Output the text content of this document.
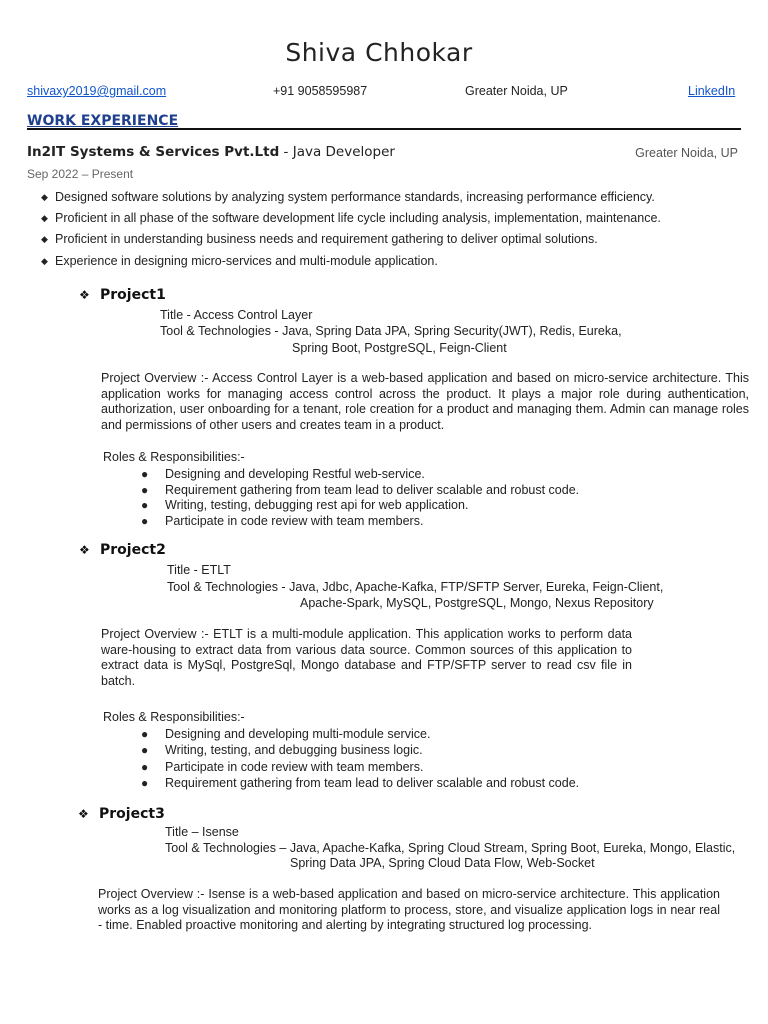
Shiva Chhokar
shivaxy2019@gmail.com	+91 9058595987	Greater Noida, UP	LinkedIn
WORK EXPERIENCE
In2IT Systems & Services Pvt.Ltd - Java Developer	Greater Noida, UP
Sep 2022 – Present
◆ Designed software solutions by analyzing system performance standards, increasing performance efficiency.
◆ Proficient in all phase of the software development life cycle including analysis, implementation, maintenance.
◆ Proficient in understanding business needs and requirement gathering to deliver optimal solutions.
◆ Experience in designing micro-services and multi-module application.
❖ Project1
Title - Access Control Layer
Tool & Technologies - Java, Spring Data JPA, Spring Security(JWT), Redis, Eureka,
Spring Boot, PostgreSQL, Feign-Client
Project Overview :- Access Control Layer is a web-based application and based on micro-service architecture. This application works for managing access control across the product. It plays a major role during authentication, authorization, user onboarding for a tenant, role creation for a product and managing them. Admin can manage roles and permissions of other users and creates team in a product.
Roles & Responsibilities:-
● Designing and developing Restful web-service.
● Requirement gathering from team lead to deliver scalable and robust code.
● Writing, testing, debugging rest api for web application.
● Participate in code review with team members.
❖ Project2
Title - ETLT
Tool & Technologies - Java, Jdbc, Apache-Kafka, FTP/SFTP Server, Eureka, Feign-Client,
Apache-Spark, MySQL, PostgreSQL, Mongo, Nexus Repository
Project Overview :- ETLT is a multi-module application. This application works to perform data ware-housing to extract data from various data source. Common sources of this application to extract data is MySql, PostgreSql, Mongo database and FTP/SFTP server to read csv file in batch.
Roles & Responsibilities:-
● Designing and developing multi-module service.
● Writing, testing, and debugging business logic.
● Participate in code review with team members.
● Requirement gathering from team lead to deliver scalable and robust code.
❖ Project3
Title – Isense
Tool & Technologies – Java, Apache-Kafka, Spring Cloud Stream, Spring Boot, Eureka, Mongo, Elastic,
Spring Data JPA, Spring Cloud Data Flow, Web-Socket
Project Overview :- Isense is a web-based application and based on micro-service architecture. This application works as a log visualization and monitoring platform to process, store, and visualize application logs in near real - time. Enabled proactive monitoring and alerting by integrating structured log processing.
